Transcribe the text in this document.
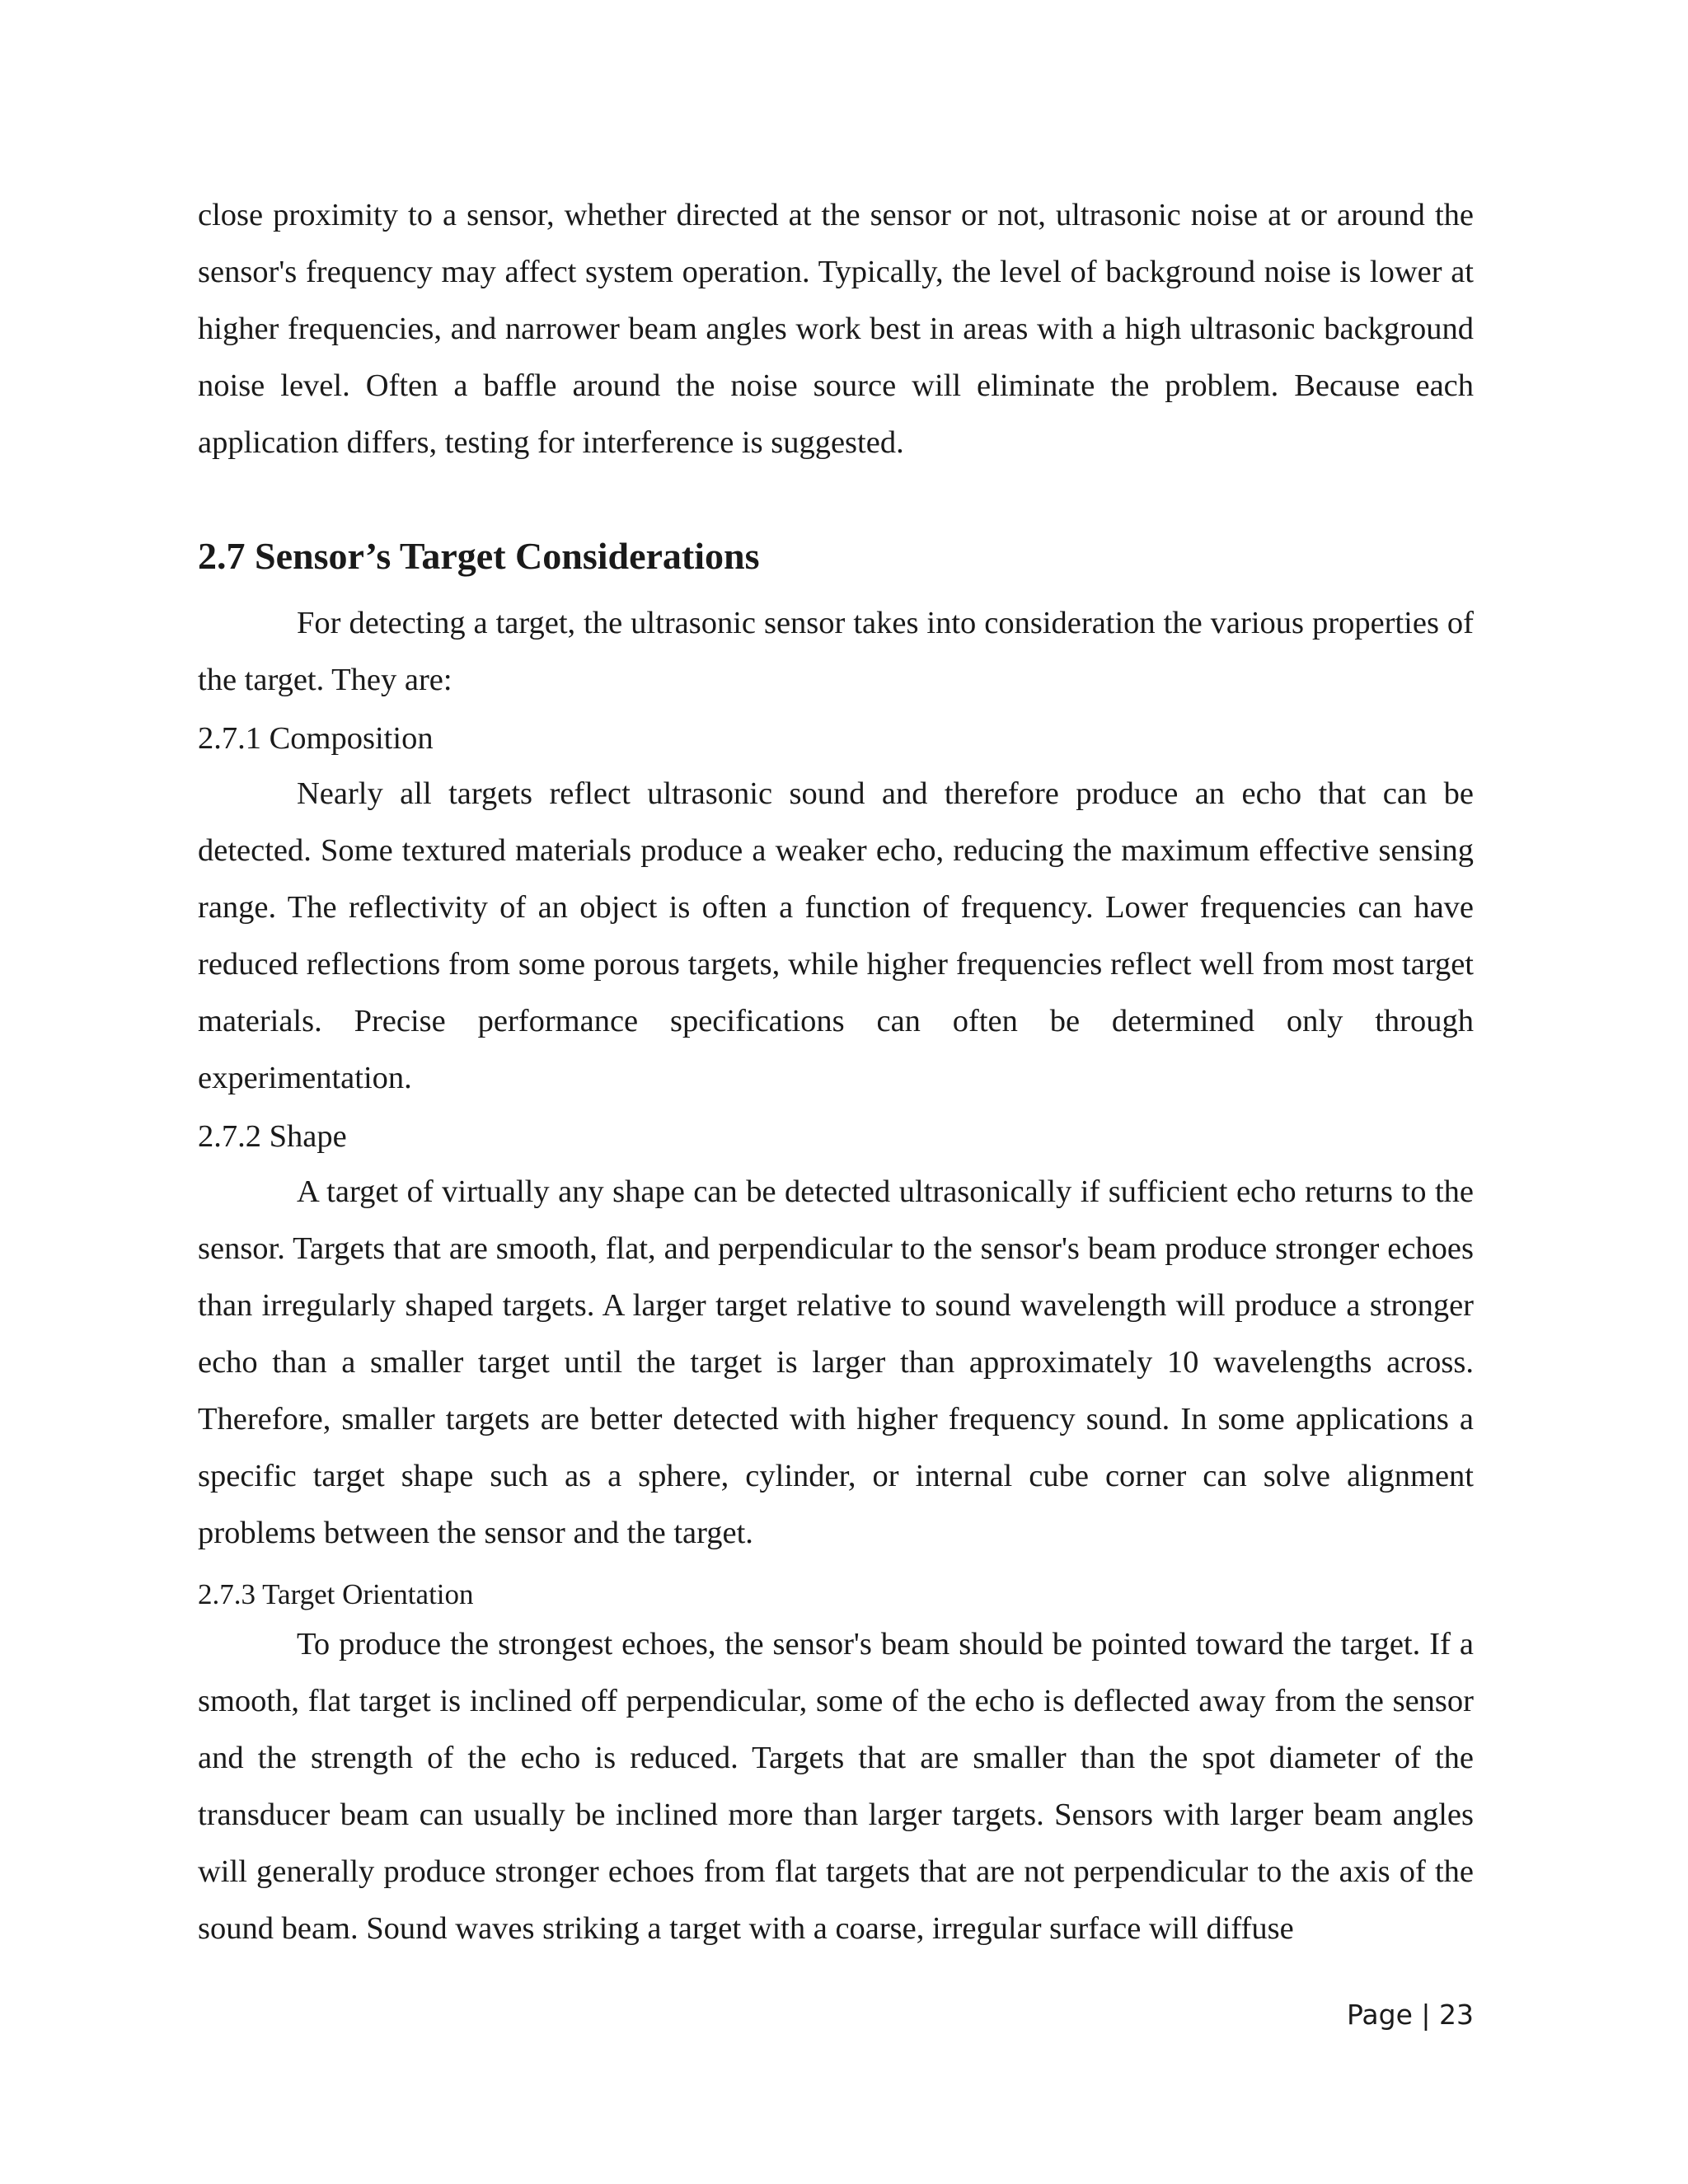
close proximity to a sensor, whether directed at the sensor or not, ultrasonic noise at or around the sensor's frequency may affect system operation. Typically, the level of background noise is lower at higher frequencies, and narrower beam angles work best in areas with a high ultrasonic background noise level. Often a baffle around the noise source will eliminate the problem. Because each application differs, testing for interference is suggested.

2.7 Sensor’s Target Considerations

For detecting a target, the ultrasonic sensor takes into consideration the various properties of the target. They are:

2.7.1 Composition

Nearly all targets reflect ultrasonic sound and therefore produce an echo that can be detected. Some textured materials produce a weaker echo, reducing the maximum effective sensing range. The reflectivity of an object is often a function of frequency. Lower frequencies can have reduced reflections from some porous targets, while higher frequencies reflect well from most target materials. Precise performance specifications can often be determined only through experimentation.

2.7.2 Shape

A target of virtually any shape can be detected ultrasonically if sufficient echo returns to the sensor. Targets that are smooth, flat, and perpendicular to the sensor's beam produce stronger echoes than irregularly shaped targets. A larger target relative to sound wavelength will produce a stronger echo than a smaller target until the target is larger than approximately 10 wavelengths across. Therefore, smaller targets are better detected with higher frequency sound. In some applications a specific target shape such as a sphere, cylinder, or internal cube corner can solve alignment problems between the sensor and the target.

2.7.3 Target Orientation

To produce the strongest echoes, the sensor's beam should be pointed toward the target. If a smooth, flat target is inclined off perpendicular, some of the echo is deflected away from the sensor and the strength of the echo is reduced. Targets that are smaller than the spot diameter of the transducer beam can usually be inclined more than larger targets. Sensors with larger beam angles will generally produce stronger echoes from flat targets that are not perpendicular to the axis of the sound beam. Sound waves striking a target with a coarse, irregular surface will diffuse

Page | 23
